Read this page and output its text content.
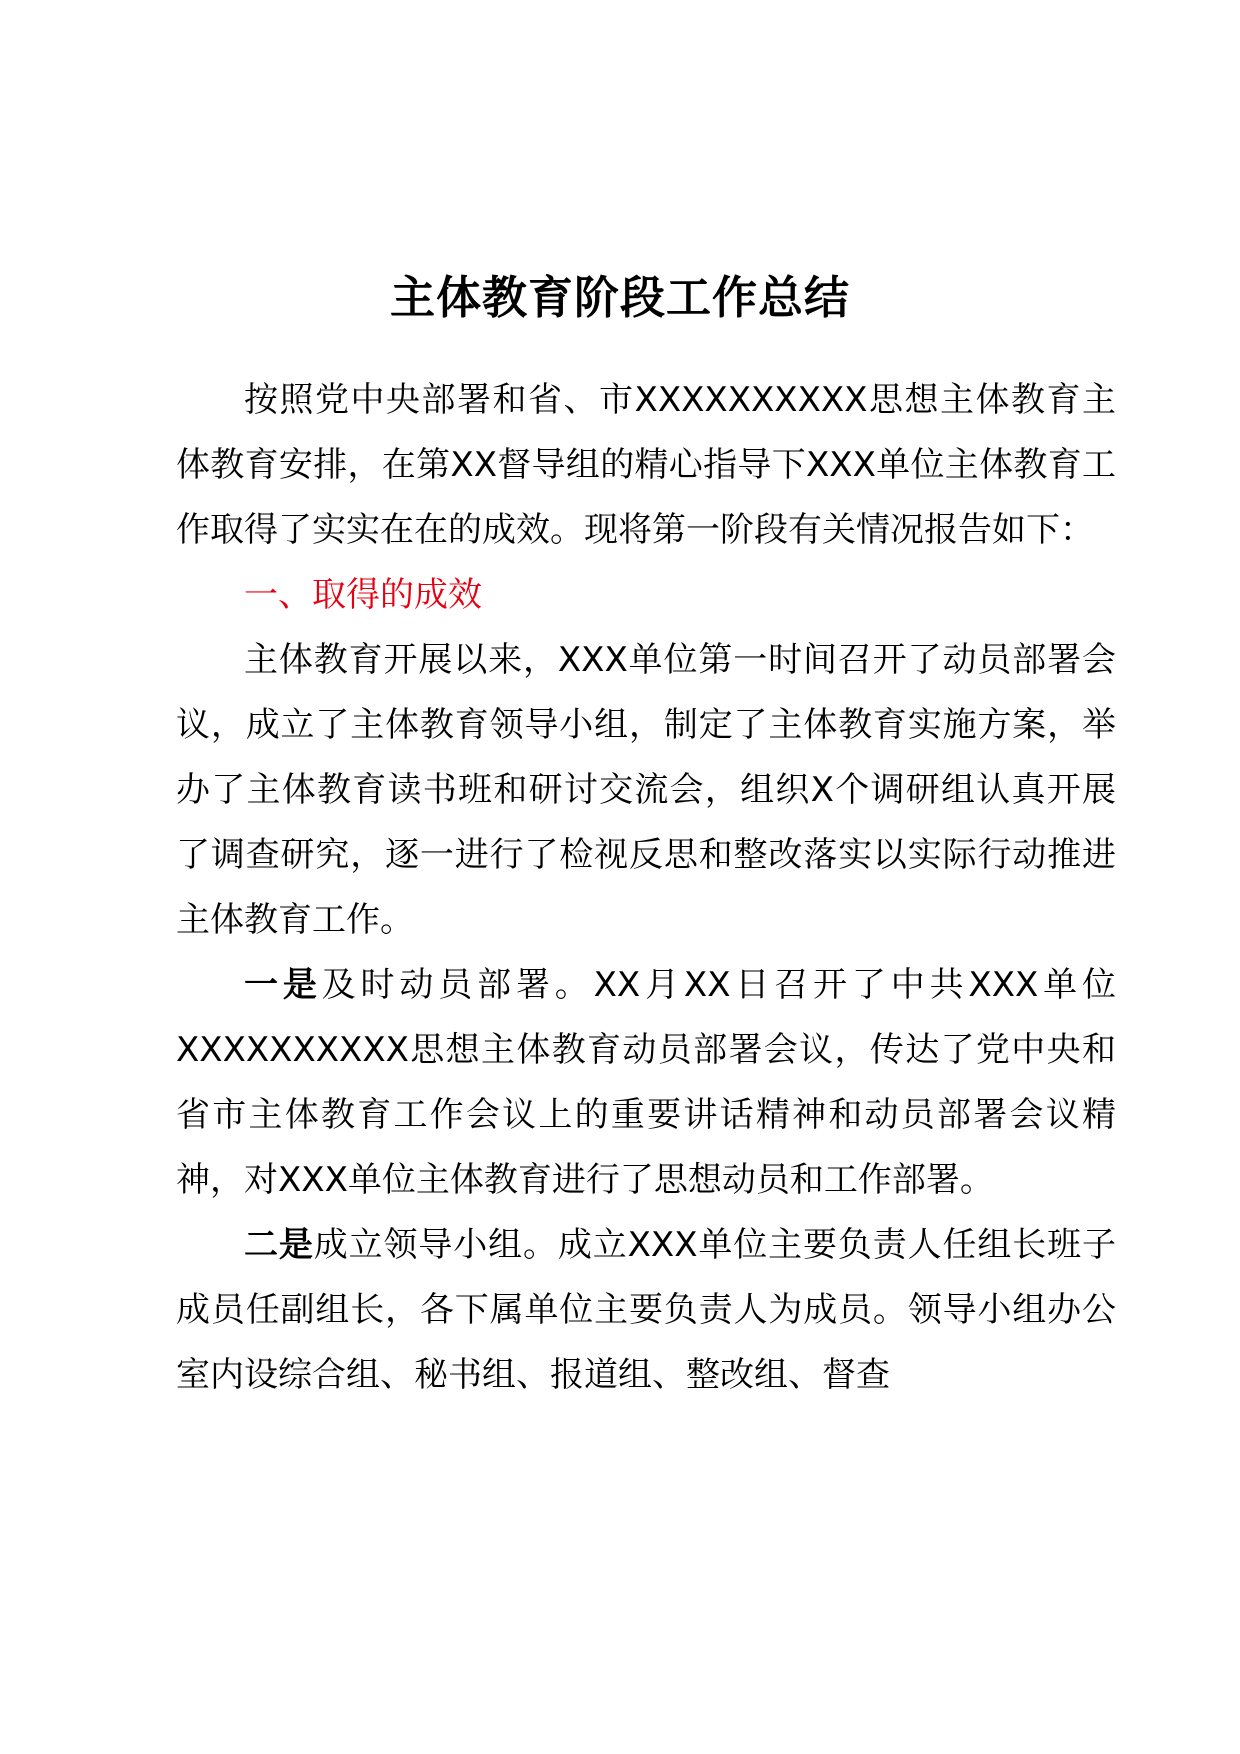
主体教育阶段工作总结

按照党中央部署和省、市XXXXXXXXXX思想主体教育主体教育安排，在第XX督导组的精心指导下XXX单位主体教育工作取得了实实在在的成效。现将第一阶段有关情况报告如下：

一、取得的成效

主体教育开展以来，XXX单位第一时间召开了动员部署会议，成立了主体教育领导小组，制定了主体教育实施方案，举办了主体教育读书班和研讨交流会，组织X个调研组认真开展了调查研究，逐一进行了检视反思和整改落实以实际行动推进主体教育工作。

一是及时动员部署。XX月XX日召开了中共XXX单位XXXXXXXXXX思想主体教育动员部署会议，传达了党中央和省市主体教育工作会议上的重要讲话精神和动员部署会议精神，对XXX单位主体教育进行了思想动员和工作部署。

二是成立领导小组。成立XXX单位主要负责人任组长班子成员任副组长，各下属单位主要负责人为成员。领导小组办公室内设综合组、秘书组、报道组、整改组、督查
